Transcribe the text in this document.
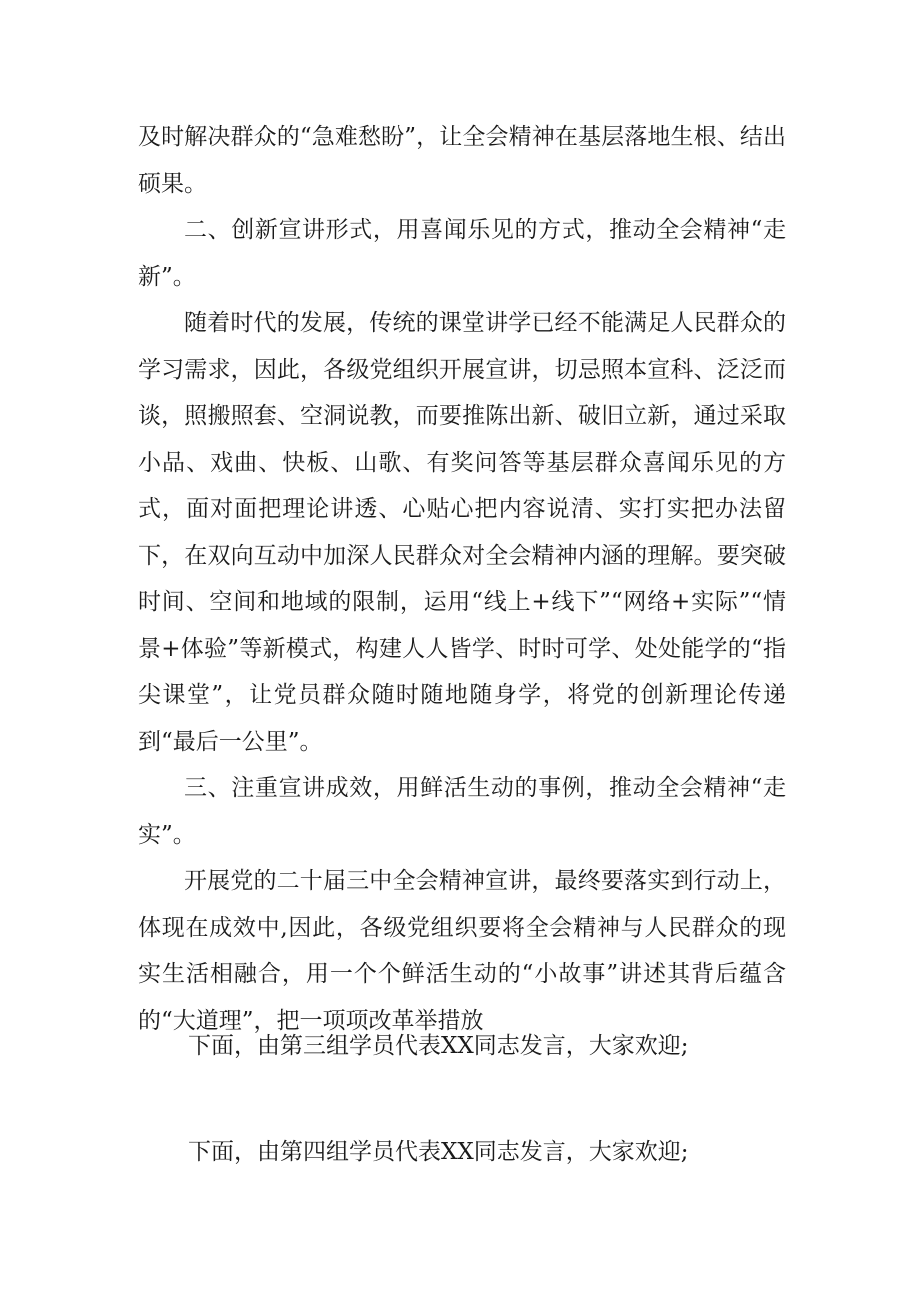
及时解决群众的“急难愁盼”，让全会精神在基层落地生根、结出硕果。

二、创新宣讲形式，用喜闻乐见的方式，推动全会精神“走新”。

随着时代的发展，传统的课堂讲学已经不能满足人民群众的学习需求，因此，各级党组织开展宣讲，切忌照本宣科、泛泛而谈，照搬照套、空洞说教，而要推陈出新、破旧立新，通过采取小品、戏曲、快板、山歌、有奖问答等基层群众喜闻乐见的方式，面对面把理论讲透、心贴心把内容说清、实打实把办法留下，在双向互动中加深人民群众对全会精神内涵的理解。要突破时间、空间和地域的限制，运用“线上+线下”“网络+实际”“情景+体验”等新模式，构建人人皆学、时时可学、处处能学的“指尖课堂”，让党员群众随时随地随身学，将党的创新理论传递到“最后一公里”。

三、注重宣讲成效，用鲜活生动的事例，推动全会精神“走实”。

开展党的二十届三中全会精神宣讲，最终要落实到行动上，体现在成效中,因此，各级党组织要将全会精神与人民群众的现实生活相融合，用一个个鲜活生动的“小故事”讲述其背后蕴含的“大道理”，把一项项改革举措放

下面，由第三组学员代表XX同志发言，大家欢迎;
下面，由第四组学员代表XX同志发言，大家欢迎;
